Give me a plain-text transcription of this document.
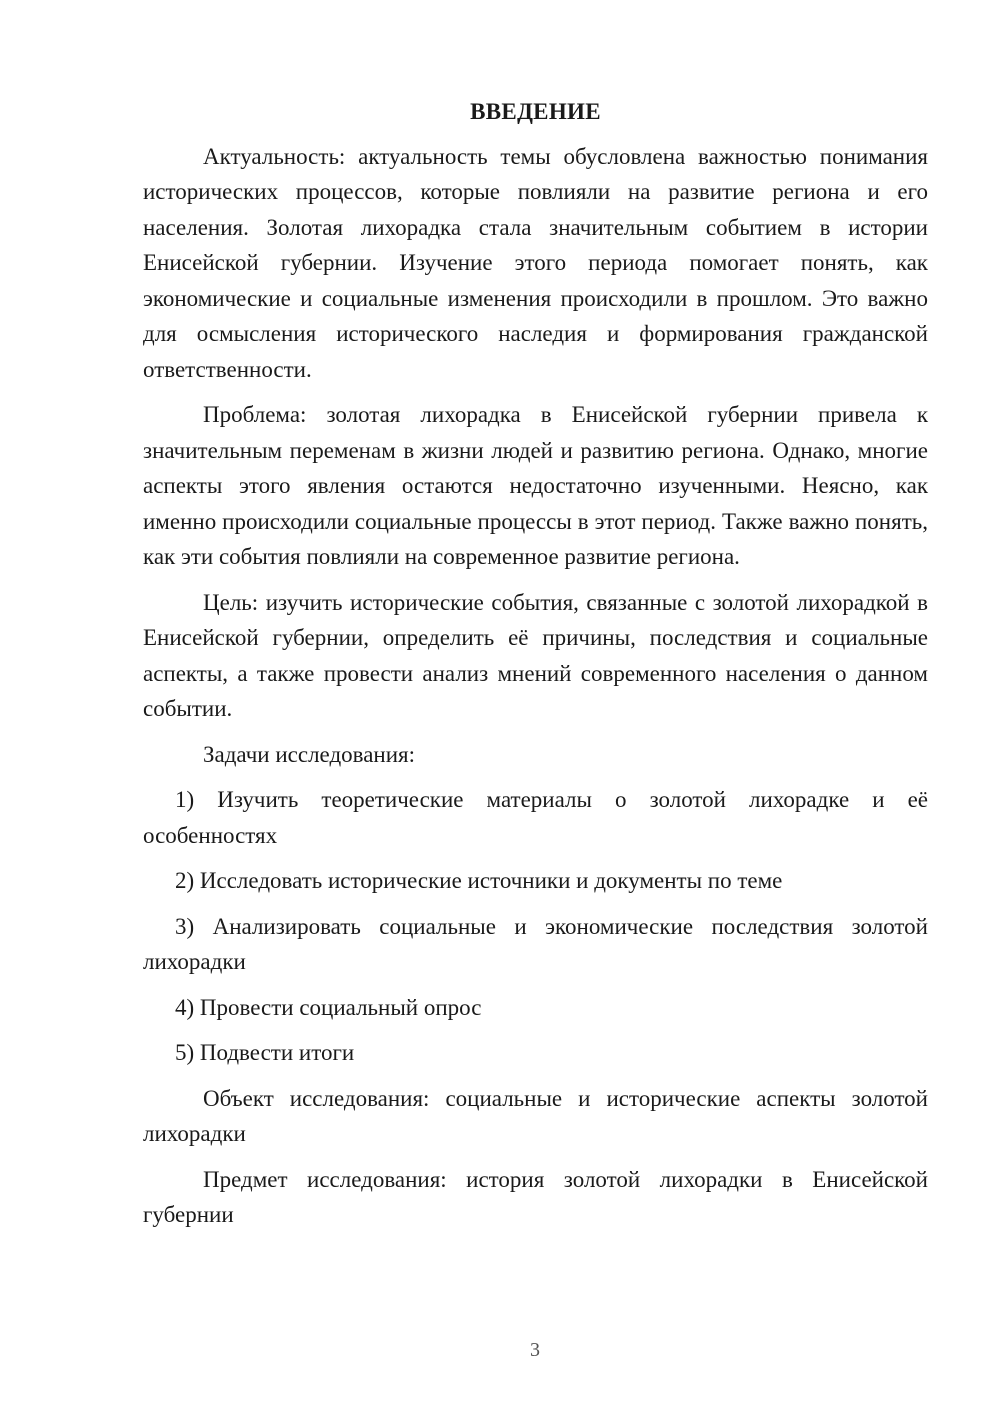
ВВЕДЕНИЕ

Актуальность: актуальность темы обусловлена важностью понимания исторических процессов, которые повлияли на развитие региона и его населения. Золотая лихорадка стала значительным событием в истории Енисейской губернии. Изучение этого периода помогает понять, как экономические и социальные изменения происходили в прошлом. Это важно для осмысления исторического наследия и формирования гражданской ответственности.

Проблема: золотая лихорадка в Енисейской губернии привела к значительным переменам в жизни людей и развитию региона. Однако, многие аспекты этого явления остаются недостаточно изученными. Неясно, как именно происходили социальные процессы в этот период. Также важно понять, как эти события повлияли на современное развитие региона.

Цель: изучить исторические события, связанные с золотой лихорадкой в Енисейской губернии, определить её причины, последствия и социальные аспекты, а также провести анализ мнений современного населения о данном событии.

Задачи исследования:

1) Изучить теоретические материалы о золотой лихорадке и её особенностях

2) Исследовать исторические источники и документы по теме

3) Анализировать социальные и экономические последствия золотой лихорадки

4) Провести социальный опрос

5) Подвести итоги

Объект исследования: социальные и исторические аспекты золотой лихорадки

Предмет исследования: история золотой лихорадки в Енисейской губернии

3
